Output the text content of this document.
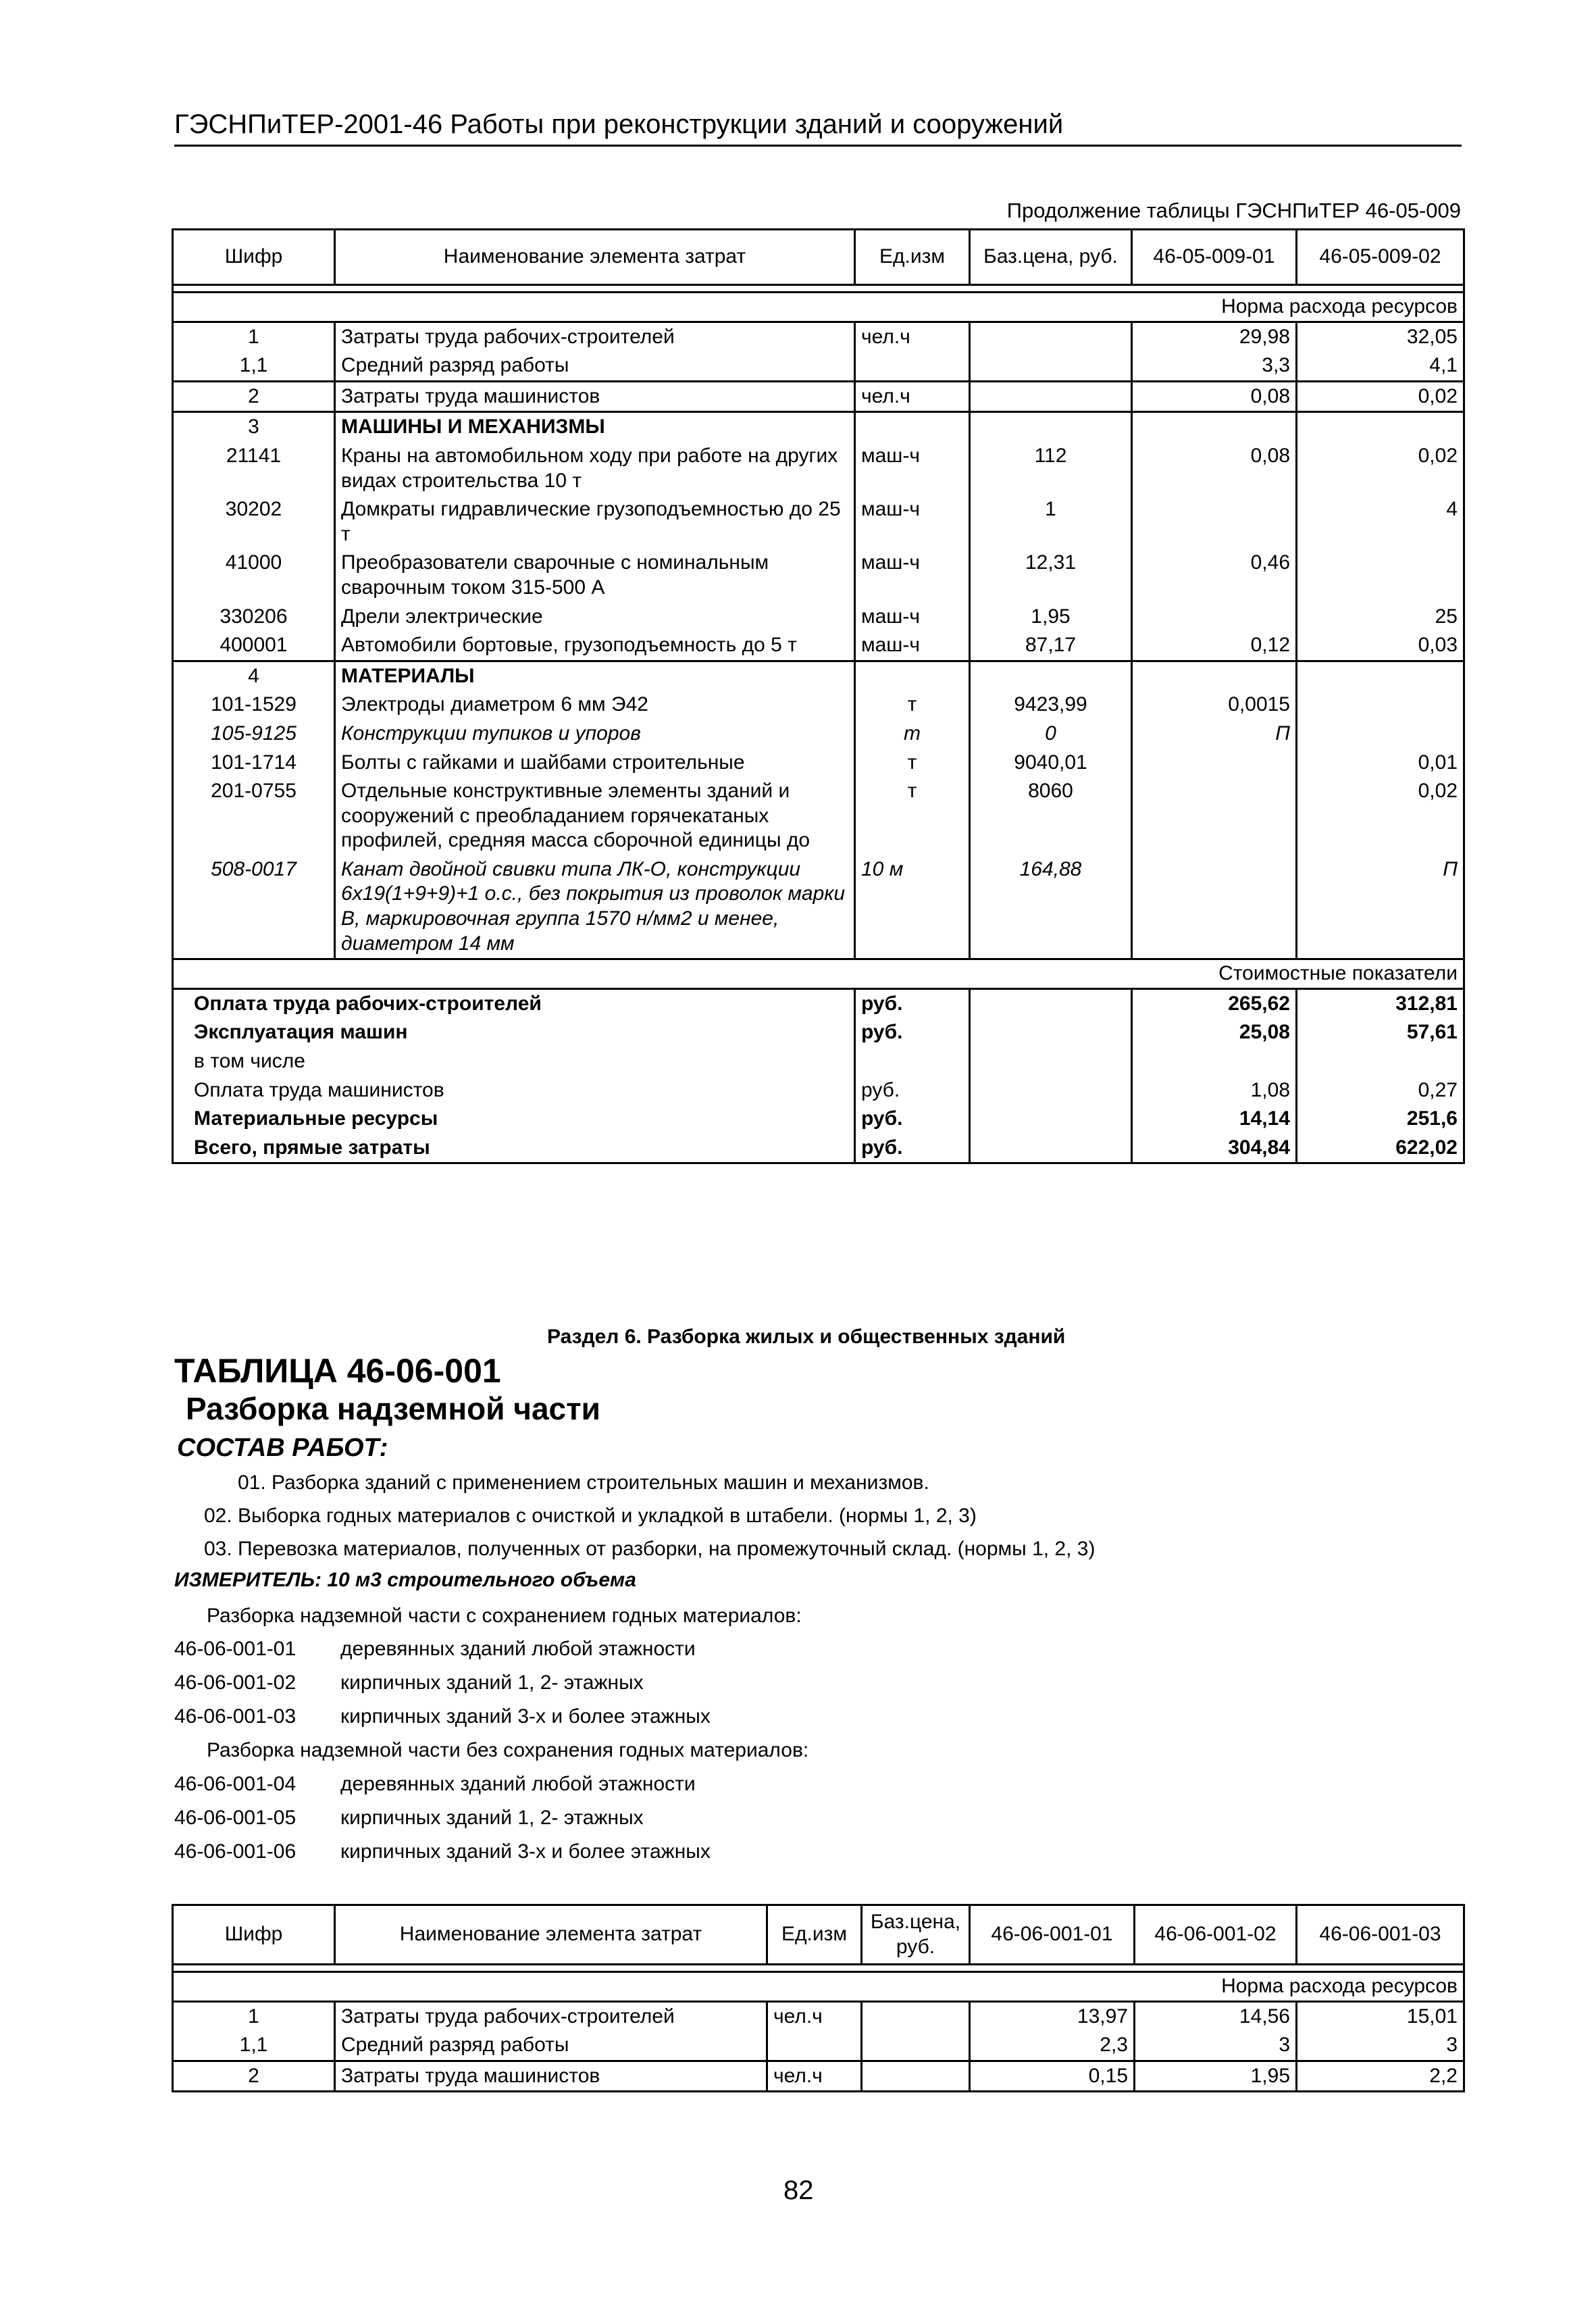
ГЭСНПиТЕР-2001-46 Работы при реконструкции зданий и сооружений
Продолжение таблицы ГЭСНПиТЕР 46-05-009
Шифр	Наименование элемента затрат	Ед.изм	Баз.цена, руб.	46-05-009-01	46-05-009-02

Норма расхода ресурсов					
1	Затраты труда рабочих-строителей	чел.ч		29,98	32,05
1,1	Средний разряд работы			3,3	4,1
2	Затраты труда машинистов	чел.ч		0,08	0,02
3	МАШИНЫ И МЕХАНИЗМЫ				
21141	Краны на автомобильном ходу при работе на других видах строительства 10 т	маш-ч	112	0,08	0,02
30202	Домкраты гидравлические грузоподъемностью до 25 т	маш-ч	1		4
41000	Преобразователи сварочные с номинальным сварочным током 315-500 А	маш-ч	12,31	0,46	
330206	Дрели электрические	маш-ч	1,95		25
400001	Автомобили бортовые, грузоподъемность до 5 т	маш-ч	87,17	0,12	0,03
4	МАТЕРИАЛЫ				
101-1529	Электроды диаметром 6 мм Э42	т	9423,99	0,0015	
105-9125	Конструкции тупиков и упоров	т	0	П	
101-1714	Болты с гайками и шайбами строительные	т	9040,01		0,01
201-0755	Отдельные конструктивные элементы зданий и сооружений с преобладанием горячекатаных профилей, средняя масса сборочной единицы до	т	8060		0,02
508-0017	Канат двойной свивки типа ЛК-О, конструкции 6х19(1+9+9)+1 о.с., без покрытия из проволок марки В, маркировочная группа 1570 н/мм2 и менее, диаметром 14 мм	10 м	164,88		П
Стоимостные показатели					
Оплата труда рабочих-строителей		руб.		265,62	312,81
Эксплуатация машин		руб.		25,08	57,61
в том числе					
Оплата труда машинистов		руб.		1,08	0,27
Материальные ресурсы		руб.		14,14	251,6
Всего, прямые затраты		руб.		304,84	622,02
Раздел 6. Разборка жилых и общественных зданий
ТАБЛИЦА 46-06-001
Разборка надземной части
СОСТАВ РАБОТ:
01. Разборка зданий с применением строительных машин и механизмов.
02. Выборка годных материалов с очисткой и укладкой в штабели. (нормы 1, 2, 3)
03. Перевозка материалов, полученных от разборки, на промежуточный склад. (нормы 1, 2, 3)
ИЗМЕРИТЕЛЬ: 10 м3 строительного объема
Разборка надземной части с сохранением годных материалов:
46-06-001-01 деревянных зданий любой этажности
46-06-001-02 кирпичных зданий 1, 2- этажных
46-06-001-03 кирпичных зданий 3-х и более этажных
Разборка надземной части без сохранения годных материалов:
46-06-001-04 деревянных зданий любой этажности
46-06-001-05 кирпичных зданий 1, 2- этажных
46-06-001-06 кирпичных зданий 3-х и более этажных
Шифр	Наименование элемента затрат	Ед.изм	Баз.цена, руб.	46-06-001-01	46-06-001-02	46-06-001-03

Норма расхода ресурсов						
1	Затраты труда рабочих-строителей	чел.ч		13,97	14,56	15,01
1,1	Средний разряд работы			2,3	3	3
2	Затраты труда машинистов	чел.ч		0,15	1,95	2,2
82
